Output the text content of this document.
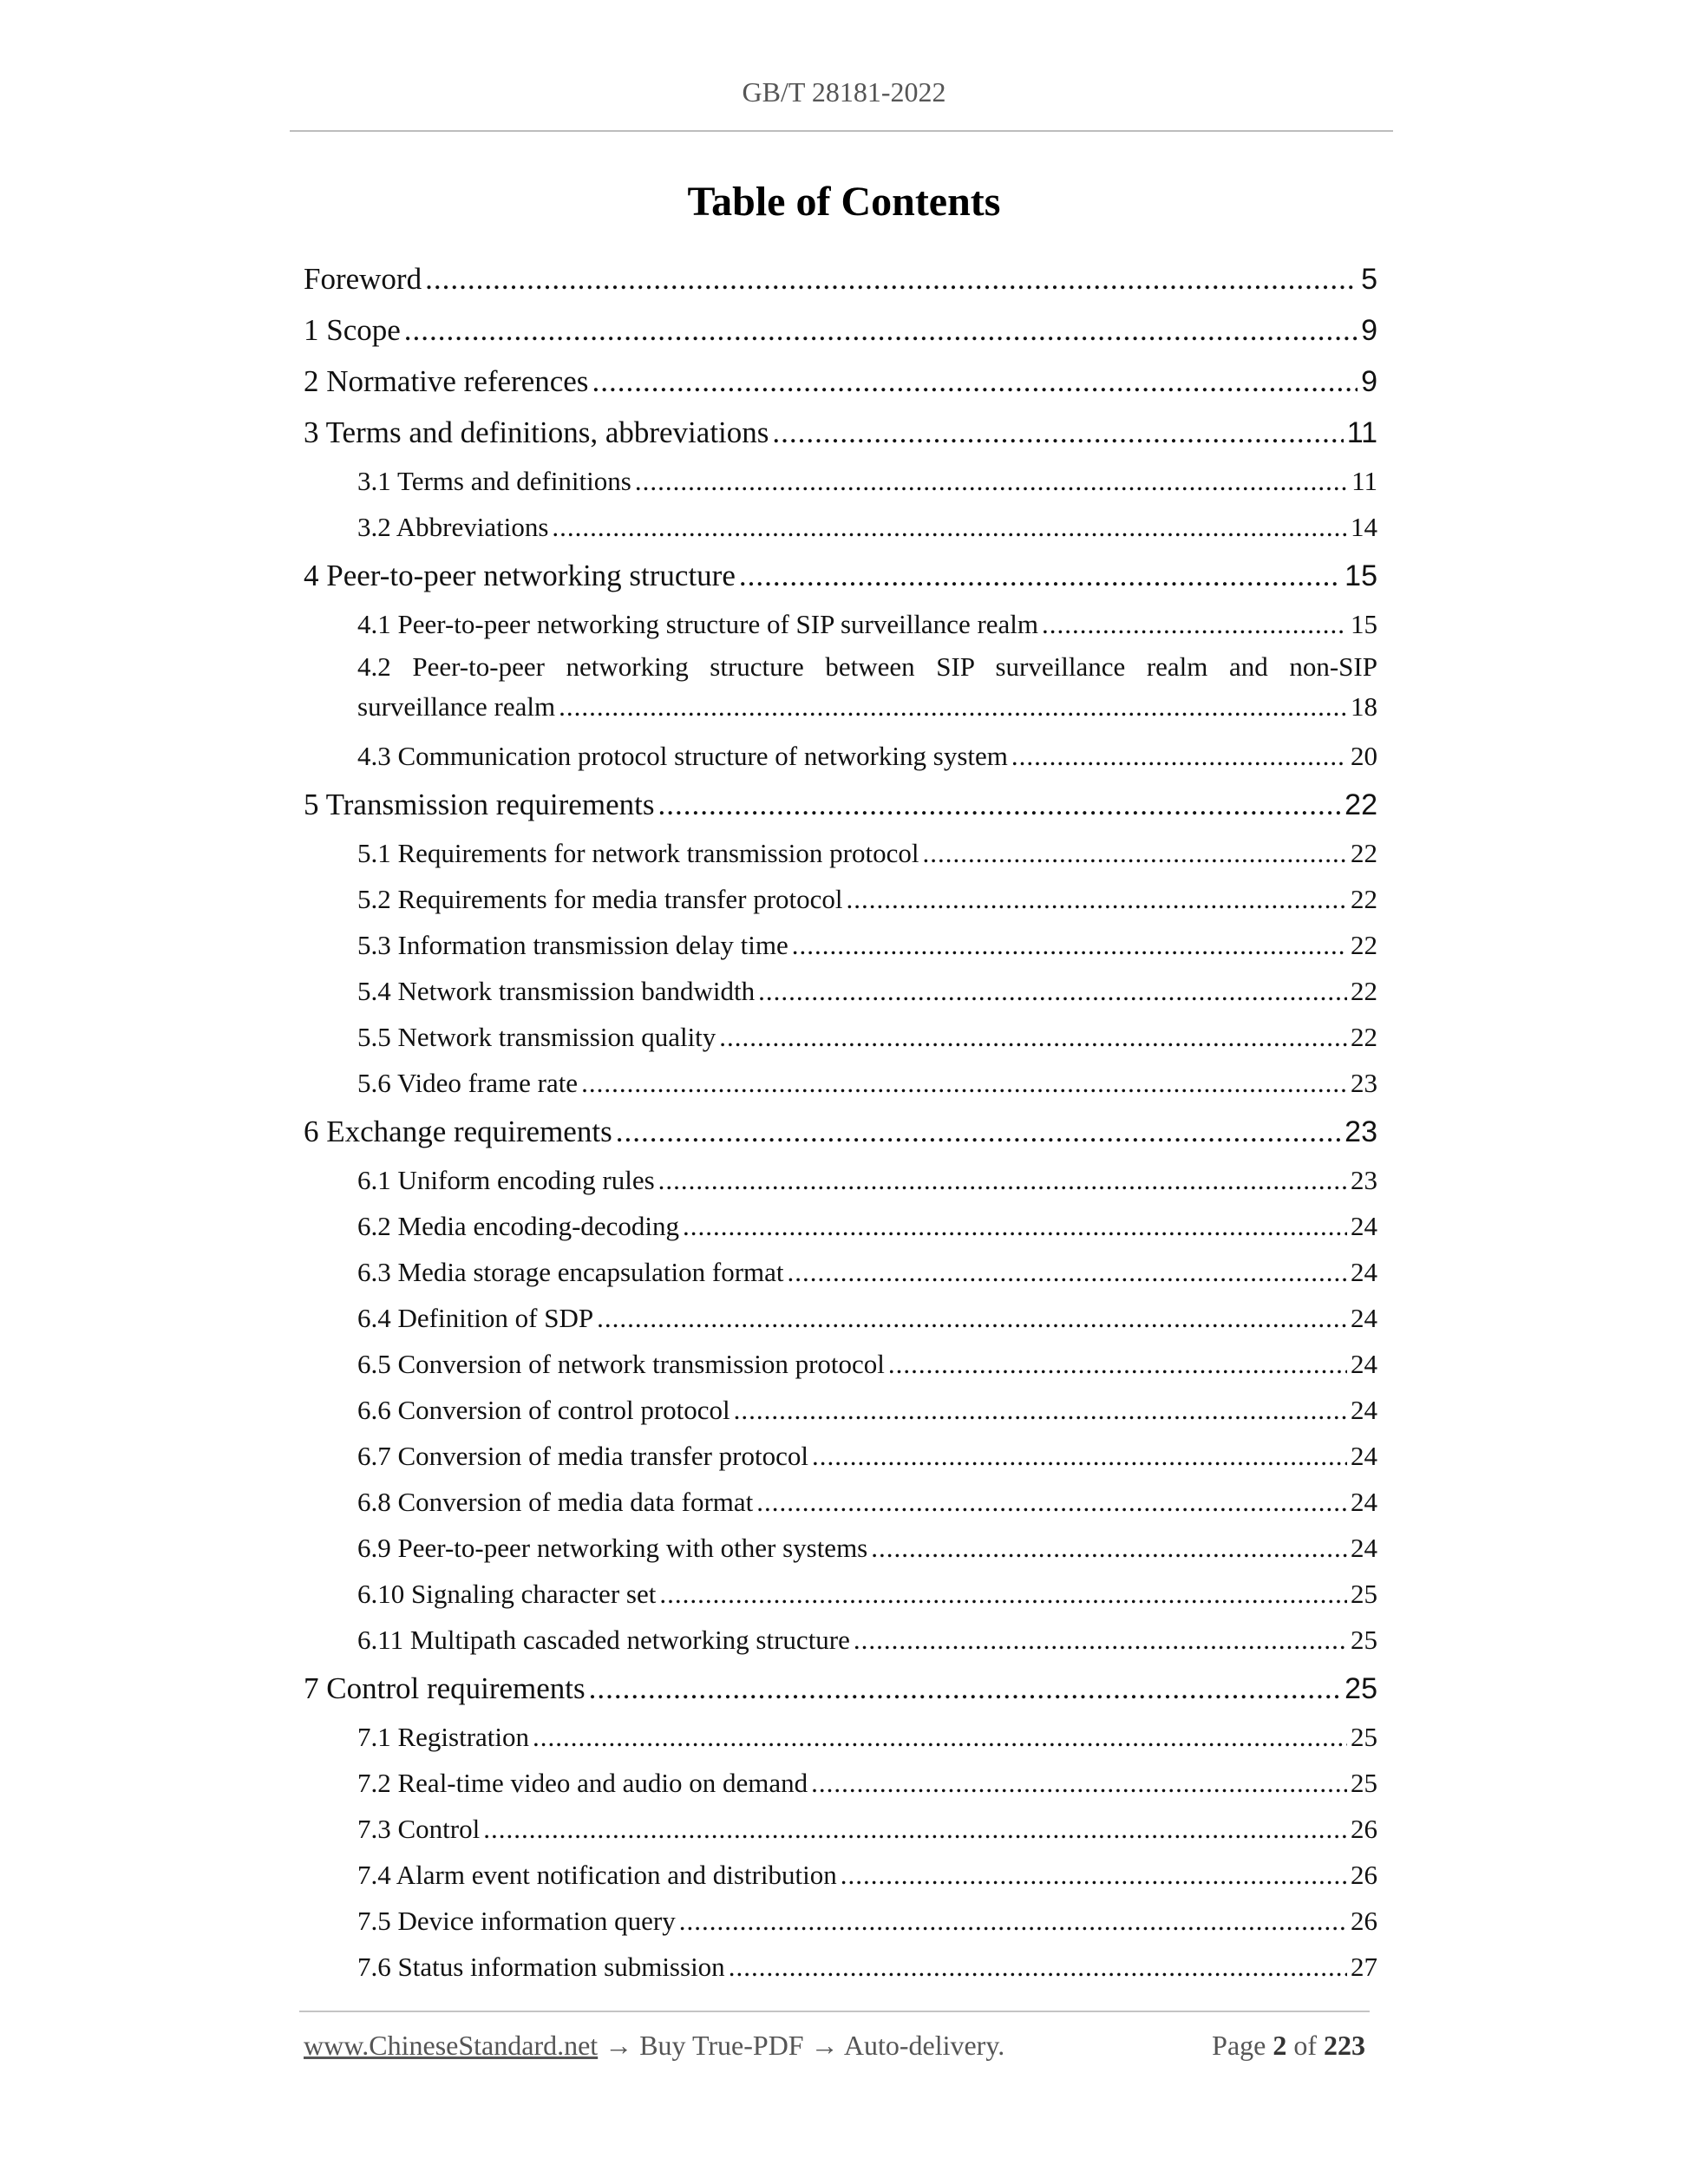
GB/T 28181-2022
Table of Contents
Foreword .....	5
1 Scope .....	9
2 Normative references .....	9
3 Terms and definitions, abbreviations .....	11
3.1 Terms and definitions .....	11
3.2 Abbreviations .....	14
4 Peer-to-peer networking structure .....	15
4.1 Peer-to-peer networking structure of SIP surveillance realm .....	15
4.2 Peer-to-peer networking structure between SIP surveillance realm and non-SIP
surveillance realm .....	18
4.3 Communication protocol structure of networking system .....	20
5 Transmission requirements .....	22
5.1 Requirements for network transmission protocol .....	22
5.2 Requirements for media transfer protocol .....	22
5.3 Information transmission delay time .....	22
5.4 Network transmission bandwidth .....	22
5.5 Network transmission quality .....	22
5.6 Video frame rate .....	23
6 Exchange requirements .....	23
6.1 Uniform encoding rules .....	23
6.2 Media encoding-decoding .....	24
6.3 Media storage encapsulation format .....	24
6.4 Definition of SDP .....	24
6.5 Conversion of network transmission protocol .....	24
6.6 Conversion of control protocol .....	24
6.7 Conversion of media transfer protocol .....	24
6.8 Conversion of media data format .....	24
6.9 Peer-to-peer networking with other systems .....	24
6.10 Signaling character set .....	25
6.11 Multipath cascaded networking structure .....	25
7 Control requirements .....	25
7.1 Registration .....	25
7.2 Real-time video and audio on demand .....	25
7.3 Control .....	26
7.4 Alarm event notification and distribution .....	26
7.5 Device information query .....	26
7.6 Status information submission .....	27
www.ChineseStandard.net → Buy True-PDF → Auto-delivery.	Page 2 of 223
